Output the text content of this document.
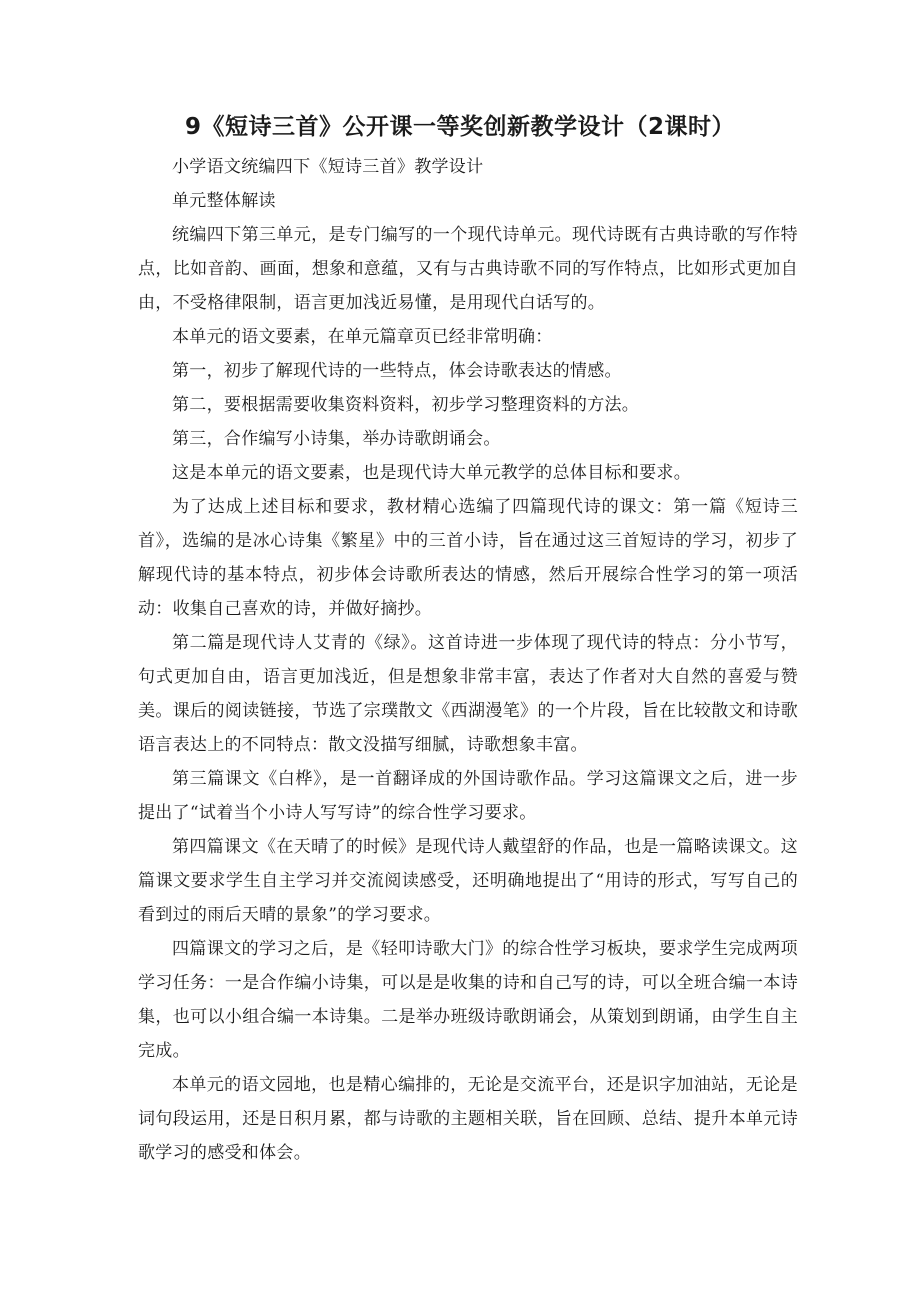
9《短诗三首》公开课一等奖创新教学设计（2课时）

小学语文统编四下《短诗三首》教学设计

单元整体解读

统编四下第三单元，是专门编写的一个现代诗单元。现代诗既有古典诗歌的写作特点，比如音韵、画面，想象和意蕴，又有与古典诗歌不同的写作特点，比如形式更加自由，不受格律限制，语言更加浅近易懂，是用现代白话写的。

本单元的语文要素，在单元篇章页已经非常明确：

第一，初步了解现代诗的一些特点，体会诗歌表达的情感。

第二，要根据需要收集资料资料，初步学习整理资料的方法。

第三，合作编写小诗集，举办诗歌朗诵会。

这是本单元的语文要素，也是现代诗大单元教学的总体目标和要求。

为了达成上述目标和要求，教材精心选编了四篇现代诗的课文：第一篇《短诗三首》，选编的是冰心诗集《繁星》中的三首小诗，旨在通过这三首短诗的学习，初步了解现代诗的基本特点，初步体会诗歌所表达的情感，然后开展综合性学习的第一项活动：收集自己喜欢的诗，并做好摘抄。

第二篇是现代诗人艾青的《绿》。这首诗进一步体现了现代诗的特点：分小节写，句式更加自由，语言更加浅近，但是想象非常丰富，表达了作者对大自然的喜爱与赞美。课后的阅读链接，节选了宗璞散文《西湖漫笔》的一个片段，旨在比较散文和诗歌语言表达上的不同特点：散文没描写细腻，诗歌想象丰富。

第三篇课文《白桦》，是一首翻译成的外国诗歌作品。学习这篇课文之后，进一步提出了“试着当个小诗人写写诗”的综合性学习要求。

第四篇课文《在天晴了的时候》是现代诗人戴望舒的作品，也是一篇略读课文。这篇课文要求学生自主学习并交流阅读感受，还明确地提出了“用诗的形式，写写自己的看到过的雨后天晴的景象”的学习要求。

四篇课文的学习之后，是《轻叩诗歌大门》的综合性学习板块，要求学生完成两项学习任务：一是合作编小诗集，可以是是收集的诗和自己写的诗，可以全班合编一本诗集，也可以小组合编一本诗集。二是举办班级诗歌朗诵会，从策划到朗诵，由学生自主完成。

本单元的语文园地，也是精心编排的，无论是交流平台，还是识字加油站，无论是词句段运用，还是日积月累，都与诗歌的主题相关联，旨在回顾、总结、提升本单元诗歌学习的感受和体会。
